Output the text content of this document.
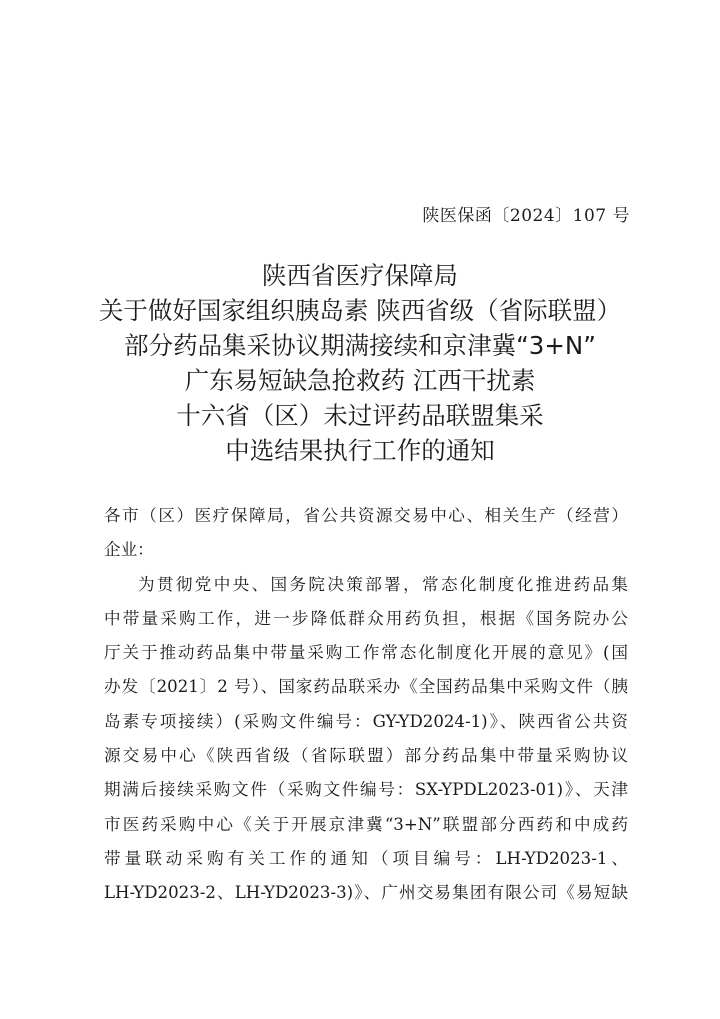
陕医保函〔2024〕107 号
陕西省医疗保障局
关于做好国家组织胰岛素 陕西省级（省际联盟）
部分药品集采协议期满接续和京津冀“3+N”
广东易短缺急抢救药 江西干扰素
十六省（区）未过评药品联盟集采
中选结果执行工作的通知
各市（区）医疗保障局，省公共资源交易中心、相关生产（经营）
企业：
为贯彻党中央、国务院决策部署，常态化制度化推进药品集
中带量采购工作，进一步降低群众用药负担，根据《国务院办公
厅关于推动药品集中带量采购工作常态化制度化开展的意见》(国
办发〔2021〕2 号）、国家药品联采办《全国药品集中采购文件（胰
岛素专项接续）(采购文件编号：GY-YD2024-1)》、陕西省公共资
源交易中心《陕西省级（省际联盟）部分药品集中带量采购协议
期满后接续采购文件（采购文件编号：SX-YPDL2023-01)》、天津
市医药采购中心《关于开展京津冀“3+N”联盟部分西药和中成药
带量联动采购有关工作的通知（项目编号：LH-YD2023-1、
LH-YD2023-2、LH-YD2023-3)》、广州交易集团有限公司《易短缺
